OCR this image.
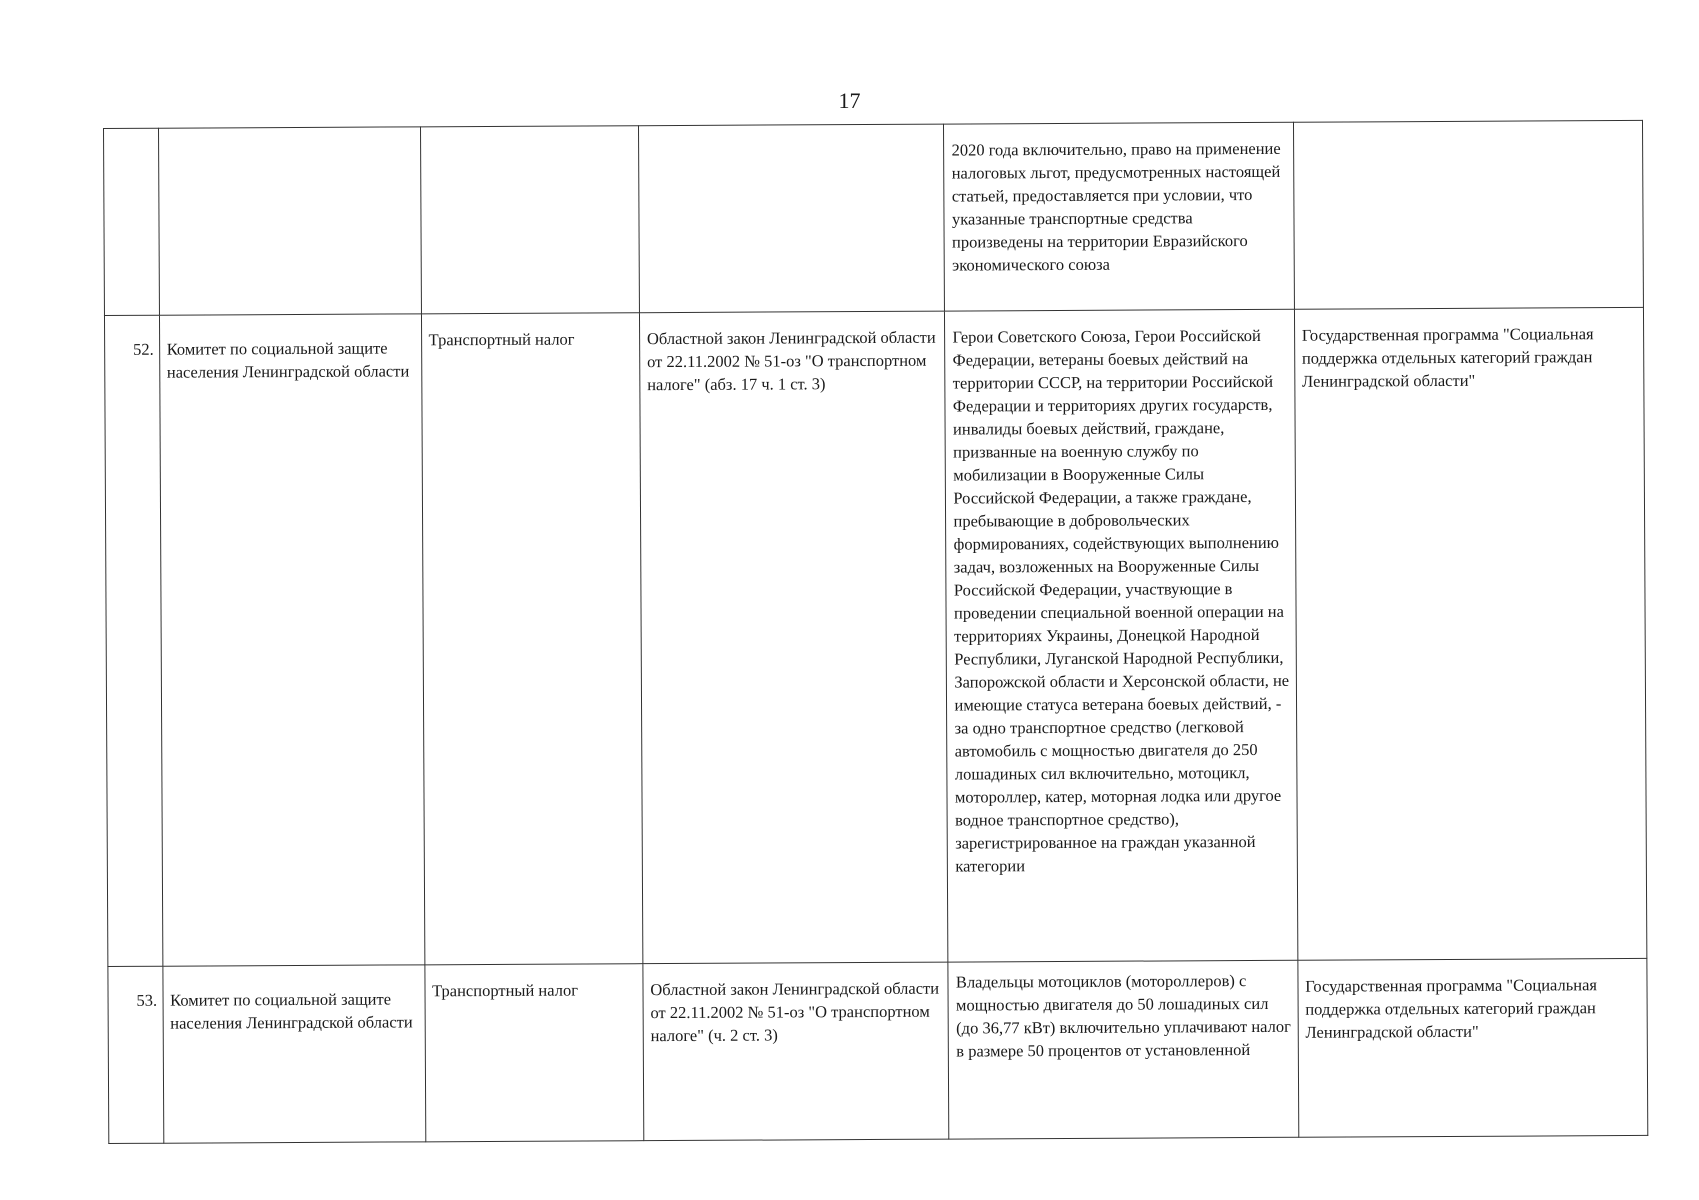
17
				2020 года включительно, право на применение налоговых льгот, предусмотренных настоящей статьей, предоставляется при условии, что указанные транспортные средства произведены на территории Евразийского экономического союза	
52.	Комитет по социальной защите населения Ленинградской области	Транспортный налог	Областной закон Ленинградской области от 22.11.2002 № 51-оз "О транспортном налоге" (абз. 17 ч. 1 ст. 3)	Герои Советского Союза, Герои Российской Федерации, ветераны боевых действий на территории СССР, на территории Российской Федерации и территориях других государств, инвалиды боевых действий, граждане, призванные на военную службу по мобилизации в Вооруженные Силы Российской Федерации, а также граждане, пребывающие в добровольческих формированиях, содействующих выполнению задач, возложенных на Вооруженные Силы Российской Федерации, участвующие в проведении специальной военной операции на территориях Украины, Донецкой Народной Республики, Луганской Народной Республики, Запорожской области и Херсонской области, не имеющие статуса ветерана боевых действий, - за одно транспортное средство (легковой автомобиль с мощностью двигателя до 250 лошадиных сил включительно, мотоцикл, мотороллер, катер, моторная лодка или другое водное транспортное средство), зарегистрированное на граждан указанной категории	Государственная программа "Социальная поддержка отдельных категорий граждан Ленинградской области"
53.	Комитет по социальной защите населения Ленинградской области	Транспортный налог	Областной закон Ленинградской области от 22.11.2002 № 51-оз "О транспортном налоге" (ч. 2 ст. 3)	Владельцы мотоциклов (мотороллеров) с мощностью двигателя до 50 лошадиных сил (до 36,77 кВт) включительно уплачивают налог в размере 50 процентов от установленной	Государственная программа "Социальная поддержка отдельных категорий граждан Ленинградской области"
